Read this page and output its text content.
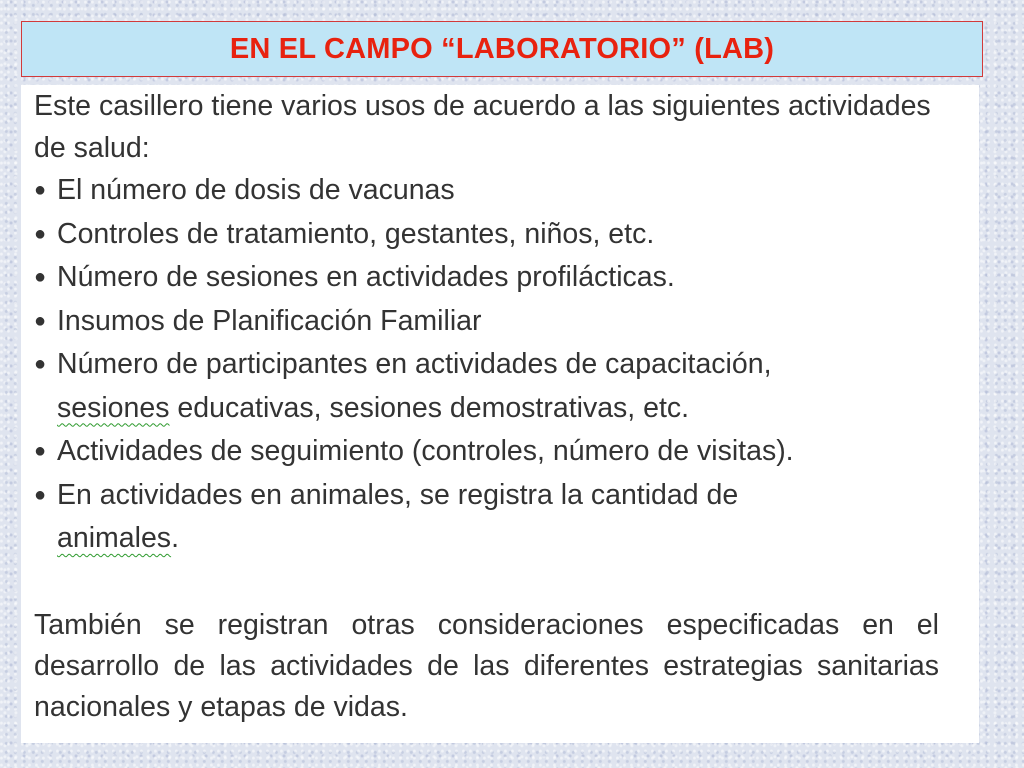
EN EL CAMPO “LABORATORIO” (LAB)

Este casillero tiene varios usos de acuerdo a las siguientes actividades de salud:

● El número de dosis de vacunas
● Controles de tratamiento, gestantes, niños, etc.
● Número de sesiones en actividades profilácticas.
● Insumos de Planificación Familiar
● Número de participantes en actividades de capacitación,
sesiones educativas, sesiones demostrativas, etc.
● Actividades de seguimiento (controles, número de visitas).
● En actividades en animales, se registra la cantidad de
animales.

También se registran otras consideraciones especificadas en el desarrollo de las actividades de las diferentes estrategias sanitarias nacionales y etapas de vidas.
